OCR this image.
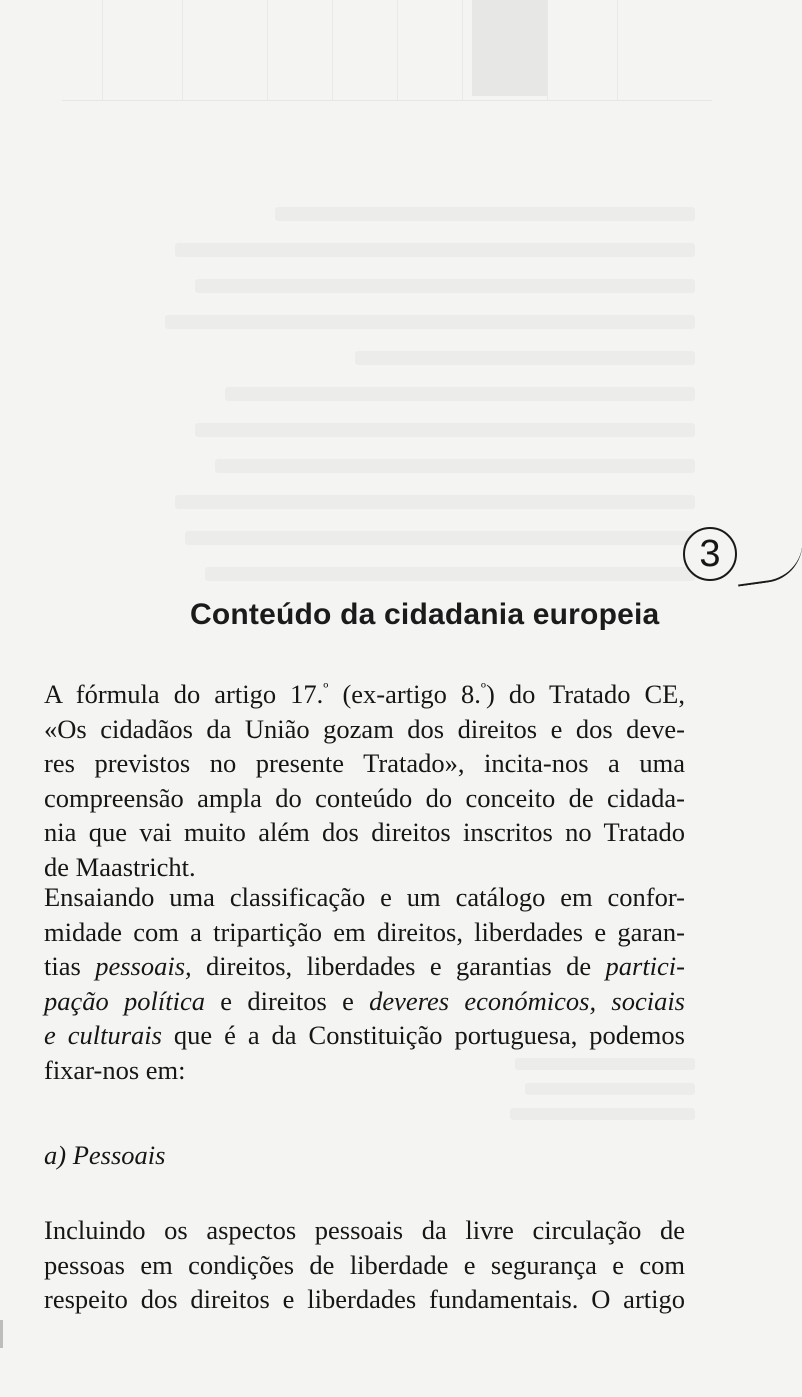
3
Conteúdo da cidadania europeia

A fórmula do artigo 17.$^º$ (ex-artigo 8.$^º$) do Tratado CE,
«Os cidadãos da União gozam dos direitos e dos deve-
res previstos no presente Tratado», incita-nos a uma
compreensão ampla do conteúdo do conceito de cidada-
nia que vai muito além dos direitos inscritos no Tratado
de Maastricht.

Ensaiando uma classificação e um catálogo em confor-
midade com a tripartição em direitos, liberdades e garan-
tias pessoais, direitos, liberdades e garantias de partici-
pação política e direitos e deveres económicos, sociais
e culturais que é a da Constituição portuguesa, podemos
fixar-nos em:

a) Pessoais

Incluindo os aspectos pessoais da livre circulação de
pessoas em condições de liberdade e segurança e com
respeito dos direitos e liberdades fundamentais. O artigo
